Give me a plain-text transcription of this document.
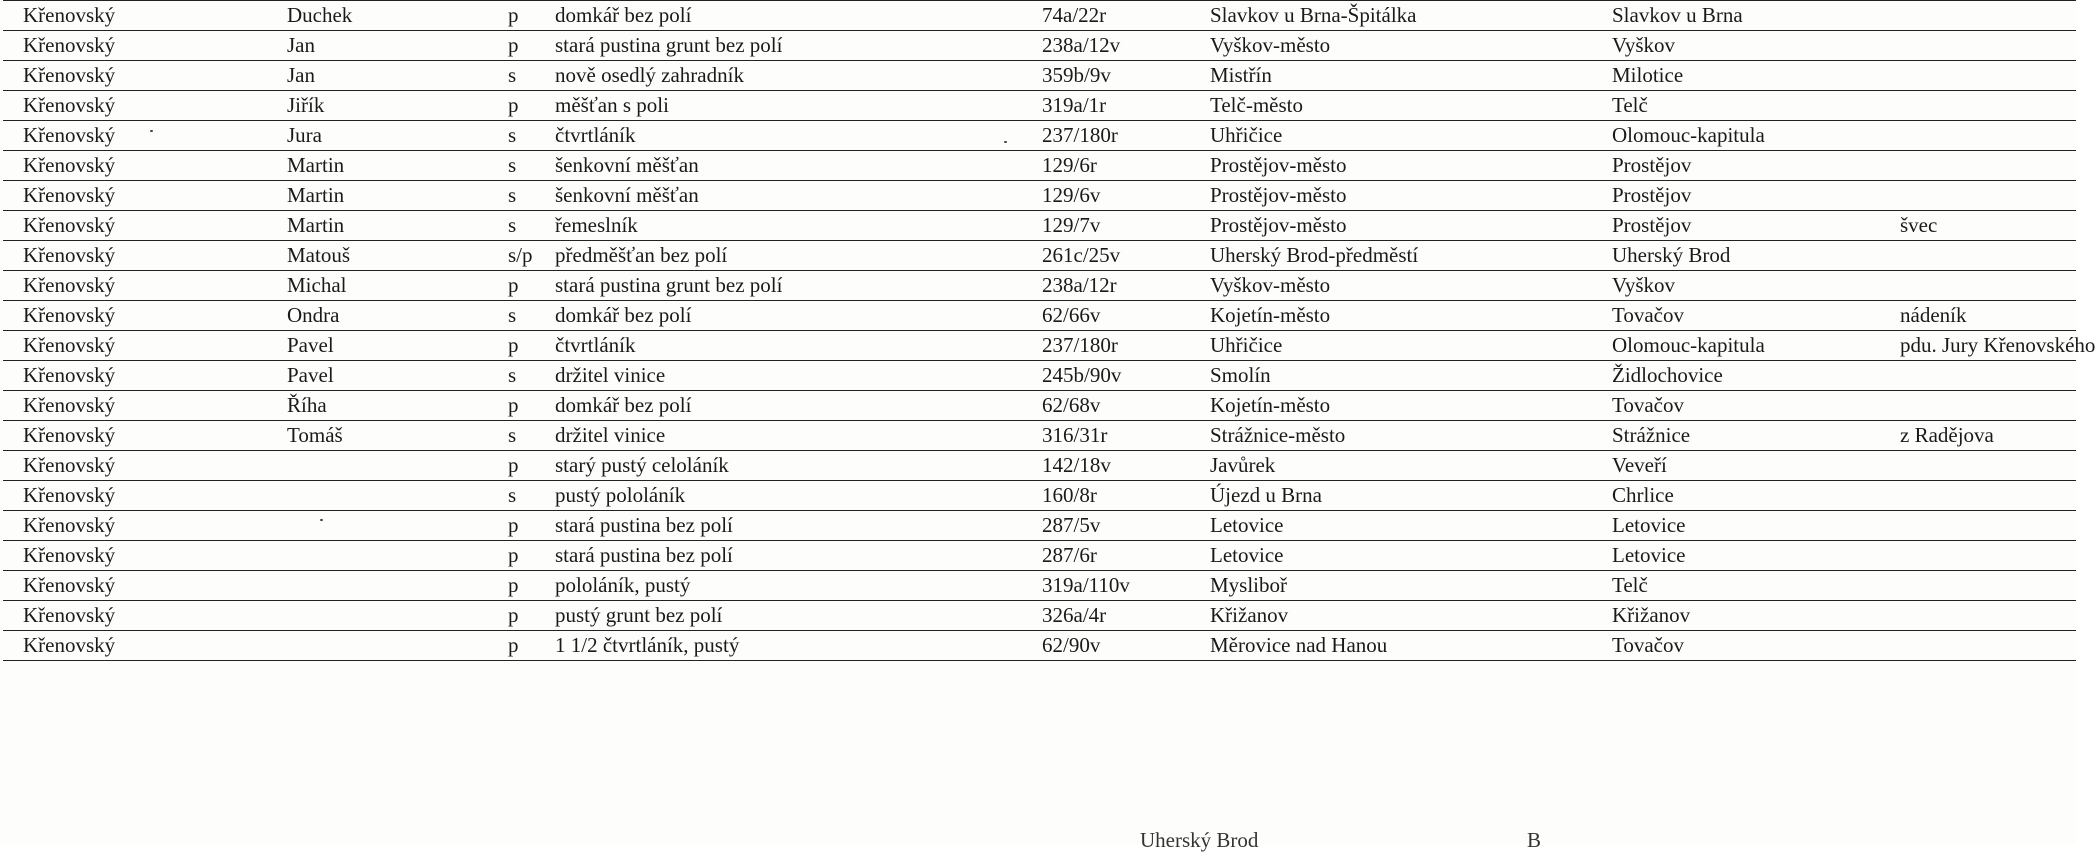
Křenovský	Duchek	p	domkář bez polí	74a/22r	Slavkov u Brna-Špitálka	Slavkov u Brna	
Křenovský	Jan	p	stará pustina grunt bez polí	238a/12v	Vyškov-město	Vyškov	
Křenovský	Jan	s	nově osedlý zahradník	359b/9v	Mistřín	Milotice	
Křenovský	Jiřík	p	měšťan s poli	319a/1r	Telč-město	Telč	
Křenovský	Jura	s	čtvrtláník	237/180r	Uhřičice	Olomouc-kapitula	
Křenovský	Martin	s	šenkovní měšťan	129/6r	Prostějov-město	Prostějov	
Křenovský	Martin	s	šenkovní měšťan	129/6v	Prostějov-město	Prostějov	
Křenovský	Martin	s	řemeslník	129/7v	Prostějov-město	Prostějov	švec
Křenovský	Matouš	s/p	předměšťan bez polí	261c/25v	Uherský Brod-předměstí	Uherský Brod	
Křenovský	Michal	p	stará pustina grunt bez polí	238a/12r	Vyškov-město	Vyškov	
Křenovský	Ondra	s	domkář bez polí	62/66v	Kojetín-město	Tovačov	nádeník
Křenovský	Pavel	p	čtvrtláník	237/180r	Uhřičice	Olomouc-kapitula	pdu. Jury Křenovského
Křenovský	Pavel	s	držitel vinice	245b/90v	Smolín	Židlochovice	
Křenovský	Říha	p	domkář bez polí	62/68v	Kojetín-město	Tovačov	
Křenovský	Tomáš	s	držitel vinice	316/31r	Strážnice-město	Strážnice	z Radějova
Křenovský		p	starý pustý celoláník	142/18v	Javůrek	Veveří	
Křenovský		s	pustý pololáník	160/8r	Újezd u Brna	Chrlice	
Křenovský		p	stará pustina bez polí	287/5v	Letovice	Letovice	
Křenovský		p	stará pustina bez polí	287/6r	Letovice	Letovice	
Křenovský		p	pololáník, pustý	319a/110v	Mysliboř	Telč	
Křenovský		p	pustý grunt bez polí	326a/4r	Křižanov	Křižanov	
Křenovský		p	1 1/2 čtvrtláník, pustý	62/90v	Měrovice nad Hanou	Tovačov	
Uherský Brod	B
